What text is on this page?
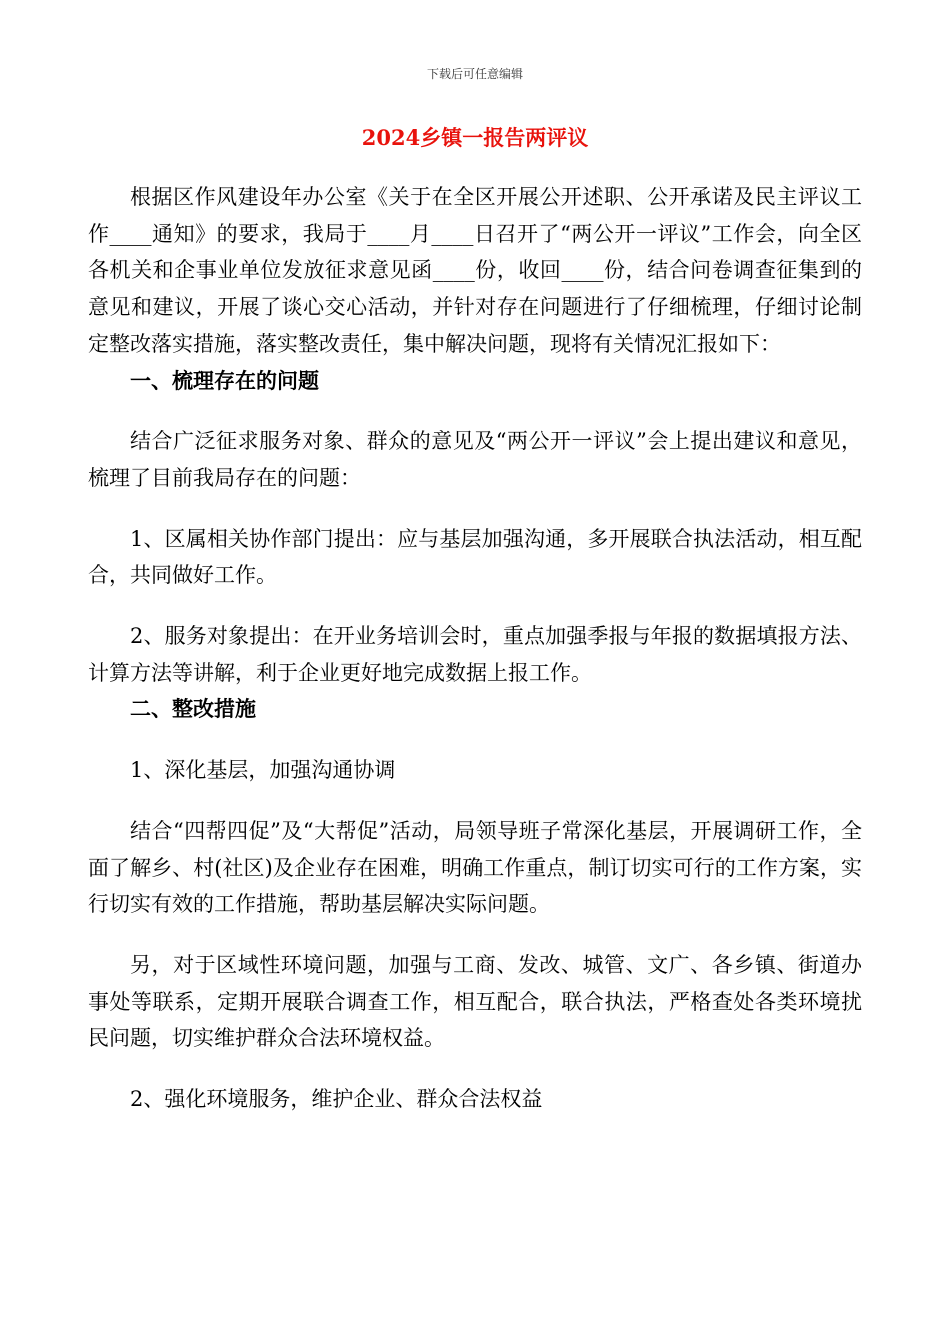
下载后可任意编辑
2024乡镇一报告两评议

根据区作风建设年办公室《关于在全区开展公开述职、公开承诺及民主评议工作____通知》的要求，我局于____月____日召开了“两公开一评议”工作会，向全区各机关和企事业单位发放征求意见函____份，收回____份，结合问卷调查征集到的意见和建议，开展了谈心交心活动，并针对存在问题进行了仔细梳理，仔细讨论制定整改落实措施，落实整改责任，集中解决问题，现将有关情况汇报如下：

一、梳理存在的问题

结合广泛征求服务对象、群众的意见及“两公开一评议”会上提出建议和意见，梳理了目前我局存在的问题：

1、区属相关协作部门提出：应与基层加强沟通，多开展联合执法活动，相互配合，共同做好工作。

2、服务对象提出：在开业务培训会时，重点加强季报与年报的数据填报方法、计算方法等讲解，利于企业更好地完成数据上报工作。

二、整改措施

1、深化基层，加强沟通协调

结合“四帮四促”及“大帮促”活动，局领导班子常深化基层，开展调研工作，全面了解乡、村(社区)及企业存在困难，明确工作重点，制订切实可行的工作方案，实行切实有效的工作措施，帮助基层解决实际问题。

另，对于区域性环境问题，加强与工商、发改、城管、文广、各乡镇、街道办事处等联系，定期开展联合调查工作，相互配合，联合执法，严格查处各类环境扰民问题，切实维护群众合法环境权益。

2、强化环境服务，维护企业、群众合法权益
